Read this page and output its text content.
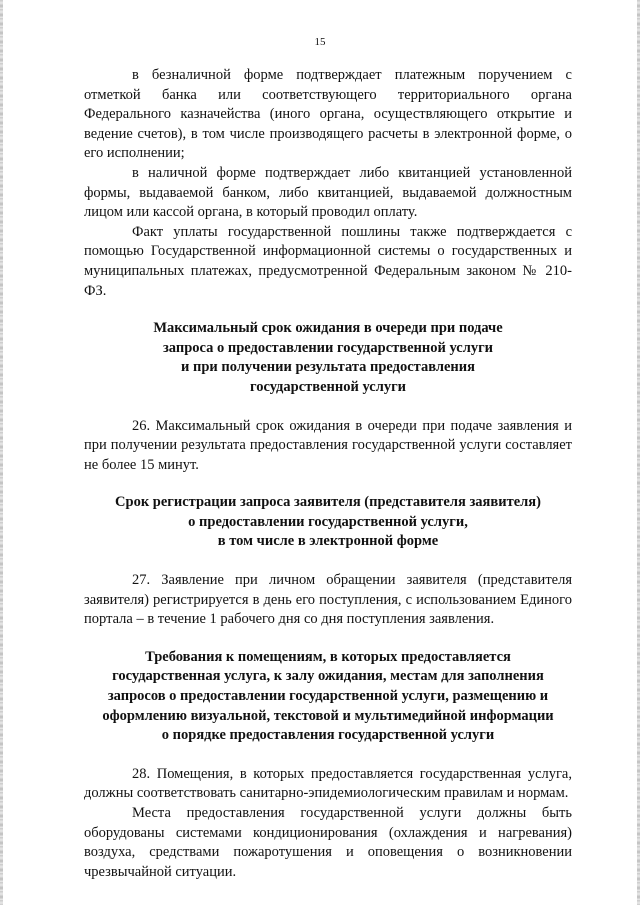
15

в безналичной форме подтверждает платежным поручением с отметкой банка или соответствующего территориального органа Федерального казначейства (иного органа, осуществляющего открытие и ведение счетов), в том числе производящего расчеты в электронной форме, о его исполнении;

в наличной форме подтверждает либо квитанцией установленной формы, выдаваемой банком, либо квитанцией, выдаваемой должностным лицом или кассой органа, в который проводил оплату.

Факт уплаты государственной пошлины также подтверждается с помощью Государственной информационной системы о государственных и муниципальных платежах, предусмотренной Федеральным законом № 210-ФЗ.

Максимальный срок ожидания в очереди при подаче
запроса о предоставлении государственной услуги
и при получении результата предоставления
государственной услуги

26. Максимальный срок ожидания в очереди при подаче заявления и при получении результата предоставления государственной услуги составляет не более 15 минут.

Срок регистрации запроса заявителя (представителя заявителя)
о предоставлении государственной услуги,
в том числе в электронной форме

27. Заявление при личном обращении заявителя (представителя заявителя) регистрируется в день его поступления, с использованием Единого портала – в течение 1 рабочего дня со дня поступления заявления.

Требования к помещениям, в которых предоставляется
государственная услуга, к залу ожидания, местам для заполнения
запросов о предоставлении государственной услуги, размещению и
оформлению визуальной, текстовой и мультимедийной информации
о порядке предоставления государственной услуги

28. Помещения, в которых предоставляется государственная услуга, должны соответствовать санитарно-эпидемиологическим правилам и нормам.

Места предоставления государственной услуги должны быть оборудованы системами кондиционирования (охлаждения и нагревания) воздуха, средствами пожаротушения и оповещения о возникновении чрезвычайной ситуации.
